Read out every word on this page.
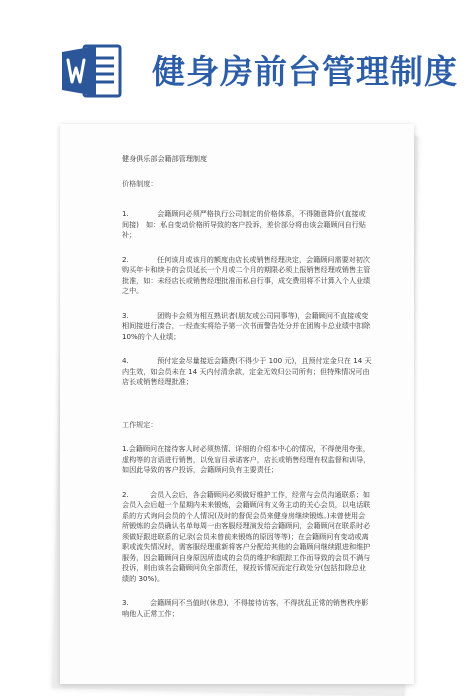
健身房前台管理制度

健身俱乐部会籍部管理制度

价格制度：

1.　　　　会籍顾问必须严格执行公司制定的价格体系，不得随意降价(直接或间接)　如：私自变动价格所导致的客户投诉，差价部分将由该会籍顾问自行贴补；

2.　　　　任何该月或该月的额度由店长或销售经理决定，会籍顾问需要对初次购买年卡和续卡的会员延长一个月或二个月的期限必须上报销售经理或销售主管批准，如：未经店长或销售经理批准而私自行事，成交费用将不计算入个人业绩之中。

3.　　　　团购卡会须为相互熟识者(朋友或公司同事等)，会籍顾问不直接或变相间接进行凑合，一经查实将给予第一次书面警告处分并在团购卡总业绩中扣除10%的个人业绩；

4.　　　　预付定金尽量接近会籍费(不得少于 100 元)，且预付定金只在 14 天内生效，如会员未在 14 天内付清余款，定金无效归公司所有；但特殊情况可由店长或销售经理批准；

工作规定：

1.会籍顾问在接待客人时必须热情、详细的介绍本中心的情况，不得使用夸张，虚构等的言语进行销售，以免盲目承诺客户，店长或销售经理有权监督和训导，如因此导致的客户投诉，会籍顾问负有主要责任；

2.　　　会员入会后，各会籍顾问必须做好维护工作，经常与会员沟通联系；如会员入会后超一个星期内未来锻炼，会籍顾问有义务主动的关心会员，以电话联系的方式询问会员的个人情况(及时的督促会员来健身房继续锻炼。)未曾使用会所锻炼的会员确认名单每周一由客服经理演发给会籍顾问，会籍顾问在联系时必须做好跟进联系的记录(会员未曾前来锻炼的原因等等)；在会籍顾问有变动或离职或流失情况时，需客服经理重新将客户分配给其他的会籍顾问继续跟进和维护服务，因会籍顾问自身原因所造成的会员的维护和跟踪工作而导致的会员不满与投诉，则由该名会籍顾问负全部责任，视投诉情况而定行政处分(包括扣除总业绩的 30%)。

3.　　　会籍顾问不当值时(休息)，不得接待访客，不得扰乱正常的销售秩序影响他人正常工作；
